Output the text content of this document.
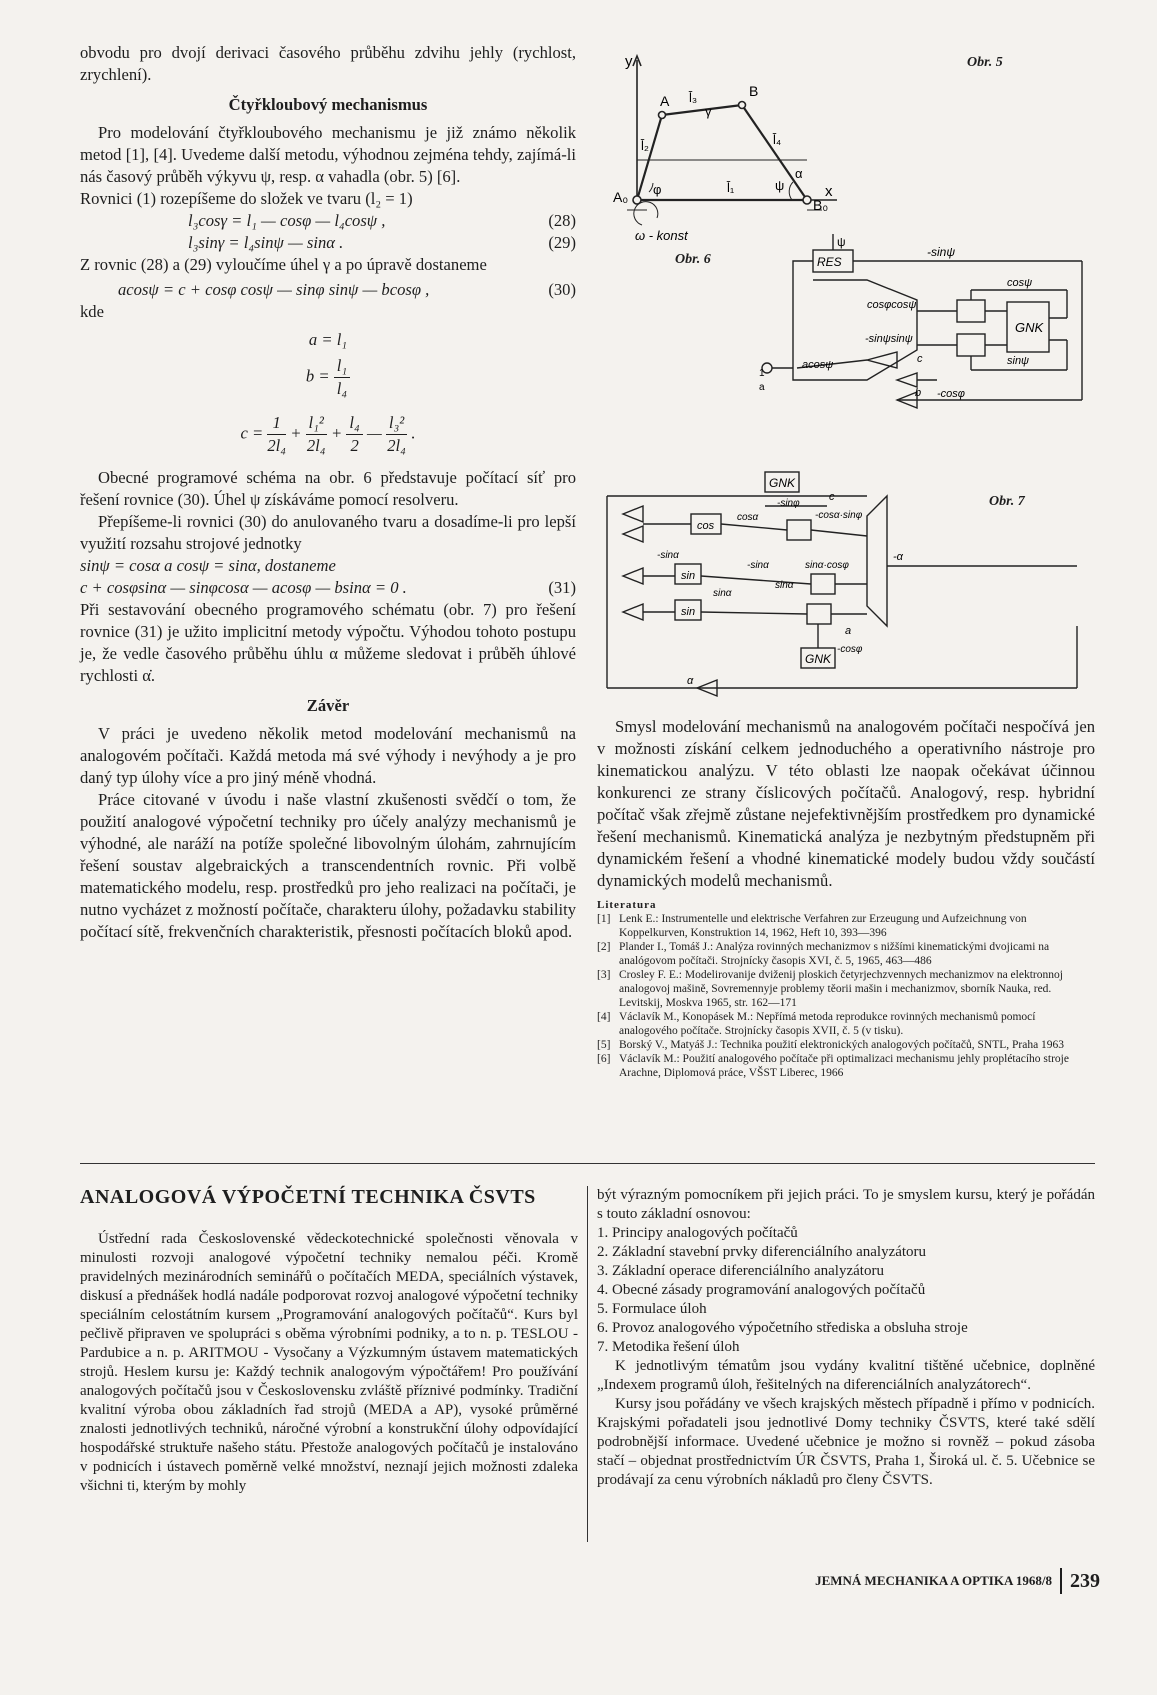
obvodu pro dvojí derivaci časového průběhu zdvihu jehly (rychlost, zrychlení).

Čtyřkloubový mechanismus

Pro modelování čtyřkloubového mechanismu je již známo několik metod [1], [4]. Uvedeme další metodu, výhodnou zejména tehdy, zajímá-li nás časový průběh výkyvu ψ, resp. α vahadla (obr. 5) [6].

Rovnici (1) rozepíšeme do složek ve tvaru (l₂ = 1)

l₃cosγ = l₁ — cosφ — l₄cosψ ,	(28)
l₃sinγ = l₄sinψ — sinα .	(29)

Z rovnic (28) a (29) vyloučíme úhel γ a po úpravě dostaneme

acosψ = c + cosφ cosψ — sinφ sinψ — bcosφ ,	(30)

kde

a = l₁
$b = \frac{\text{l₁}}{\text{l₄}}$
$c = \frac{1}{\text{2l₄}} + \frac{\text{l₁²}}{\text{2l₄}} + \frac{\text{l₄}}{2}$ — $\frac{\text{l₃²}}{\text{2l₄}}$ .

Obecné programové schéma na obr. 6 představuje počítací síť pro řešení rovnice (30). Úhel ψ získáváme pomocí resolveru.

Přepíšeme-li rovnici (30) do anulovaného tvaru a dosadíme-li pro lepší využití rozsahu strojové jednotky

sinψ = cosα a cosψ = sinα, dostaneme

c + cosφsinα — sinφcosα — acosφ — bsinα = 0 .	(31)

Při sestavování obecného programového schématu (obr. 7) pro řešení rovnice (31) je užito implicitní metody výpočtu. Výhodou tohoto postupu je, že vedle časového průběhu úhlu α můžeme sledovat i průběh úhlové rychlosti α̇.

Závěr

V práci je uvedeno několik metod modelování mechanismů na analogovém počítači. Každá metoda má své výhody i nevýhody a je pro daný typ úlohy více a pro jiný méně vhodná.

Práce citované v úvodu i naše vlastní zkušenosti svědčí o tom, že použití analogové výpočetní techniky pro účely analýzy mechanismů je výhodné, ale naráží na potíže společné libovolným úlohám, zahrnujícím řešení soustav algebraických a transcendentních rovnic. Při volbě matematického modelu, resp. prostředků pro jeho realizaci na počítači, je nutno vycházet z možností počítače, charakteru úlohy, požadavku stability počítací sítě, frekvenčních charakteristik, přesnosti počítacích bloků apod.

y
x
A
B
A₀	B₀
l̄₂
l̄₃
l̄₄
l̄₁
φ	ψ
α
γ
ω - konst
Obr. 5
Obr. 6
ψ
RES
-sinψ
cosφcosψ
cosψ
GNK
-sinψsinψ
sinψ
acosψ
1
a
c
b -cosφ
Obr. 7
GNK
-sinφ
c
cos
cosα	-cosα·sinφ
sin
-sinα
sin
sinα
-sinα
sinα
sinα·cosφ
-α
a
-cosφ
GNK
α

Smysl modelování mechanismů na analogovém počítači nespočívá jen v možnosti získání celkem jednoduchého a operativního nástroje pro kinematickou analýzu. V této oblasti lze naopak očekávat účinnou konkurenci ze strany číslicových počítačů. Analogový, resp. hybridní počítač však zřejmě zůstane nejefektivnějším prostředkem pro dynamické řešení mechanismů. Kinematická analýza je nezbytným předstupněm při dynamickém řešení a vhodné kinematické modely budou vždy součástí dynamických modelů mechanismů.

Literatura
[1] Lenk E.: Instrumentelle und elektrische Verfahren zur Erzeugung und Aufzeichnung von Koppelkurven, Konstruktion 14, 1962, Heft 10, 393—396
[2] Plander I., Tomáš J.: Analýza rovinných mechanizmov s nižšími kinematickými dvojicami na analógovom počítači. Strojnícky časopis XVI, č. 5, 1965, 463—486
[3] Crosley F. E.: Modelirovanije dviženij ploskich četyrjechzvennych mechanizmov na elektronnoj analogovoj mašině, Sovremennyje problemy těorii mašin i mechanizmov, sborník Nauka, red. Levitskij, Moskva 1965, str. 162—171
[4] Václavík M., Konopásek M.: Nepřímá metoda reprodukce rovinných mechanismů pomocí analogového počítače. Strojnícky časopis XVII, č. 5 (v tisku).
[5] Borský V., Matyáš J.: Technika použití elektronických analogových počítačů, SNTL, Praha 1963
[6] Václavík M.: Použití analogového počítače při optimalizaci mechanismu jehly proplétacího stroje Arachne, Diplomová práce, VŠST Liberec, 1966
ANALOGOVÁ VÝPOČETNÍ TECHNIKA ČSVTS

Ústřední rada Československé vědeckotechnické společnosti věnovala v minulosti rozvoji analogové výpočetní techniky nemalou péči. Kromě pravidelných mezinárodních seminářů o počítačích MEDA, speciálních výstavek, diskusí a přednášek hodlá nadále podporovat rozvoj analogové výpočetní techniky speciálním celostátním kursem „Programování analogových počítačů“. Kurs byl pečlivě připraven ve spolupráci s oběma výrobními podniky, a to n. p. TESLOU - Pardubice a n. p. ARITMOU - Vysočany a Výzkumným ústavem matematických strojů. Heslem kursu je: Každý technik analogovým výpočtářem! Pro používání analogových počítačů jsou v Československu zvláště příznivé podmínky. Tradiční kvalitní výroba obou základních řad strojů (MEDA a AP), vysoké průměrné znalosti jednotlivých techniků, náročné výrobní a konstrukční úlohy odpovídající hospodářské struktuře našeho státu. Přestože analogových počítačů je instalováno v podnicích i ústavech poměrně velké množství, neznají jejich možnosti zdaleka všichni ti, kterým by mohly

být výrazným pomocníkem při jejich práci. To je smyslem kursu, který je pořádán s touto základní osnovou:

1. Principy analogových počítačů
2. Základní stavební prvky diferenciálního analyzátoru
3. Základní operace diferenciálního analyzátoru
4. Obecné zásady programování analogových počítačů
5. Formulace úloh
6. Provoz analogového výpočetního střediska a obsluha stroje
7. Metodika řešení úloh

K jednotlivým tématům jsou vydány kvalitní tištěné učebnice, doplněné „Indexem programů úloh, řešitelných na diferenciálních analyzátorech“.

Kursy jsou pořádány ve všech krajských městech případně i přímo v podnicích. Krajskými pořadateli jsou jednotlivé Domy techniky ČSVTS, které také sdělí podrobnější informace. Uvedené učebnice je možno si rovněž – pokud zásoba stačí – objednat prostřednictvím ÚR ČSVTS, Praha 1, Široká ul. č. 5. Učebnice se prodávají za cenu výrobních nákladů pro členy ČSVTS.

JEMNÁ MECHANIKA A OPTIKA 1968/8 239
